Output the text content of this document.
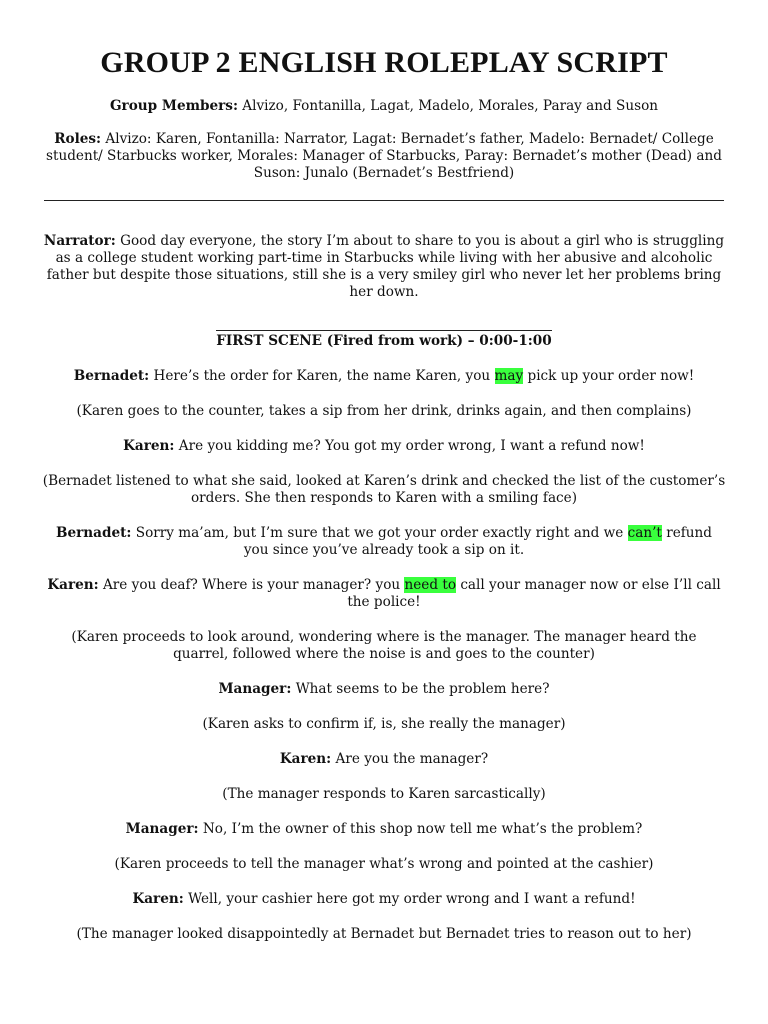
GROUP 2 ENGLISH ROLEPLAY SCRIPT

Group Members: Alvizo, Fontanilla, Lagat, Madelo, Morales, Paray and Suson

Roles: Alvizo: Karen, Fontanilla: Narrator, Lagat: Bernadet’s father, Madelo: Bernadet/ College student/ Starbucks worker, Morales: Manager of Starbucks, Paray: Bernadet’s mother (Dead) and Suson: Junalo (Bernadet’s Bestfriend)

Narrator: Good day everyone, the story I’m about to share to you is about a girl who is struggling as a college student working part-time in Starbucks while living with her abusive and alcoholic father but despite those situations, still she is a very smiley girl who never let her problems bring her down.

FIRST SCENE (Fired from work) – 0:00-1:00

Bernadet: Here’s the order for Karen, the name Karen, you may pick up your order now!

(Karen goes to the counter, takes a sip from her drink, drinks again, and then complains)

Karen: Are you kidding me? You got my order wrong, I want a refund now!

(Bernadet listened to what she said, looked at Karen’s drink and checked the list of the customer’s orders. She then responds to Karen with a smiling face)

Bernadet: Sorry ma’am, but I’m sure that we got your order exactly right and we can’t refund you since you’ve already took a sip on it.

Karen: Are you deaf? Where is your manager? you need to call your manager now or else I’ll call the police!

(Karen proceeds to look around, wondering where is the manager. The manager heard the quarrel, followed where the noise is and goes to the counter)

Manager: What seems to be the problem here?

(Karen asks to confirm if, is, she really the manager)

Karen: Are you the manager?

(The manager responds to Karen sarcastically)

Manager: No, I’m the owner of this shop now tell me what’s the problem?

(Karen proceeds to tell the manager what’s wrong and pointed at the cashier)

Karen: Well, your cashier here got my order wrong and I want a refund!

(The manager looked disappointedly at Bernadet but Bernadet tries to reason out to her)
